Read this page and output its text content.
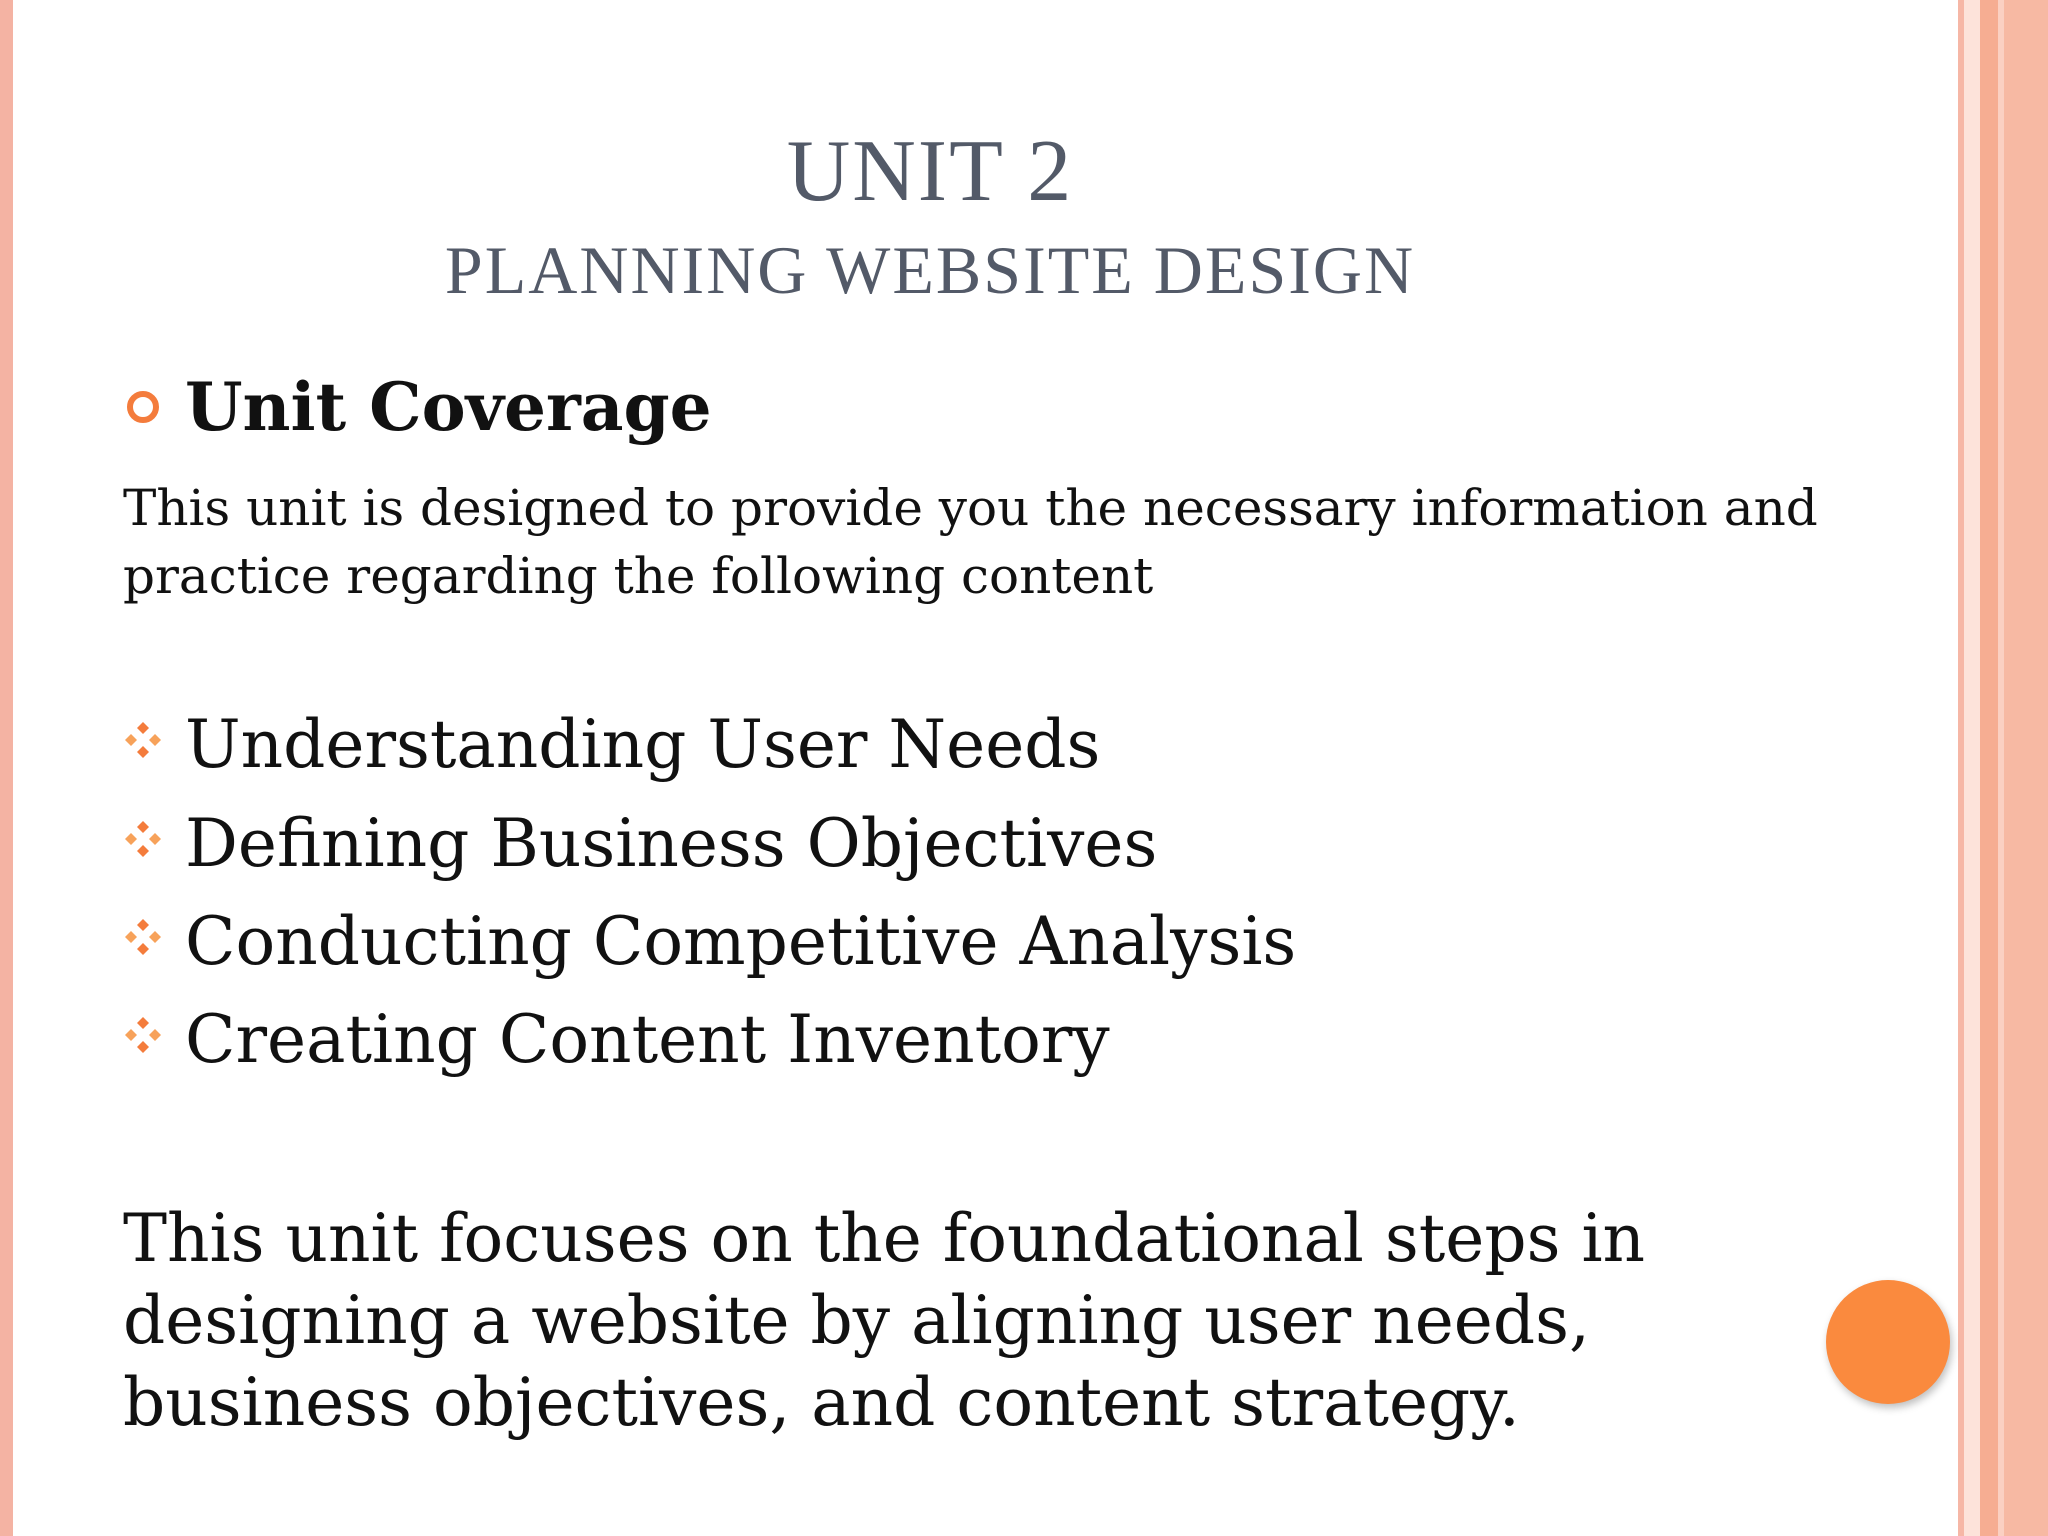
UNIT 2
PLANNING WEBSITE DESIGN
Unit Coverage
This unit is designed to provide you the necessary information and practice regarding the following content
Understanding User Needs
Defining Business Objectives
Conducting Competitive Analysis
Creating Content Inventory
This unit focuses on the foundational steps in designing a website by aligning user needs, business objectives, and content strategy.
